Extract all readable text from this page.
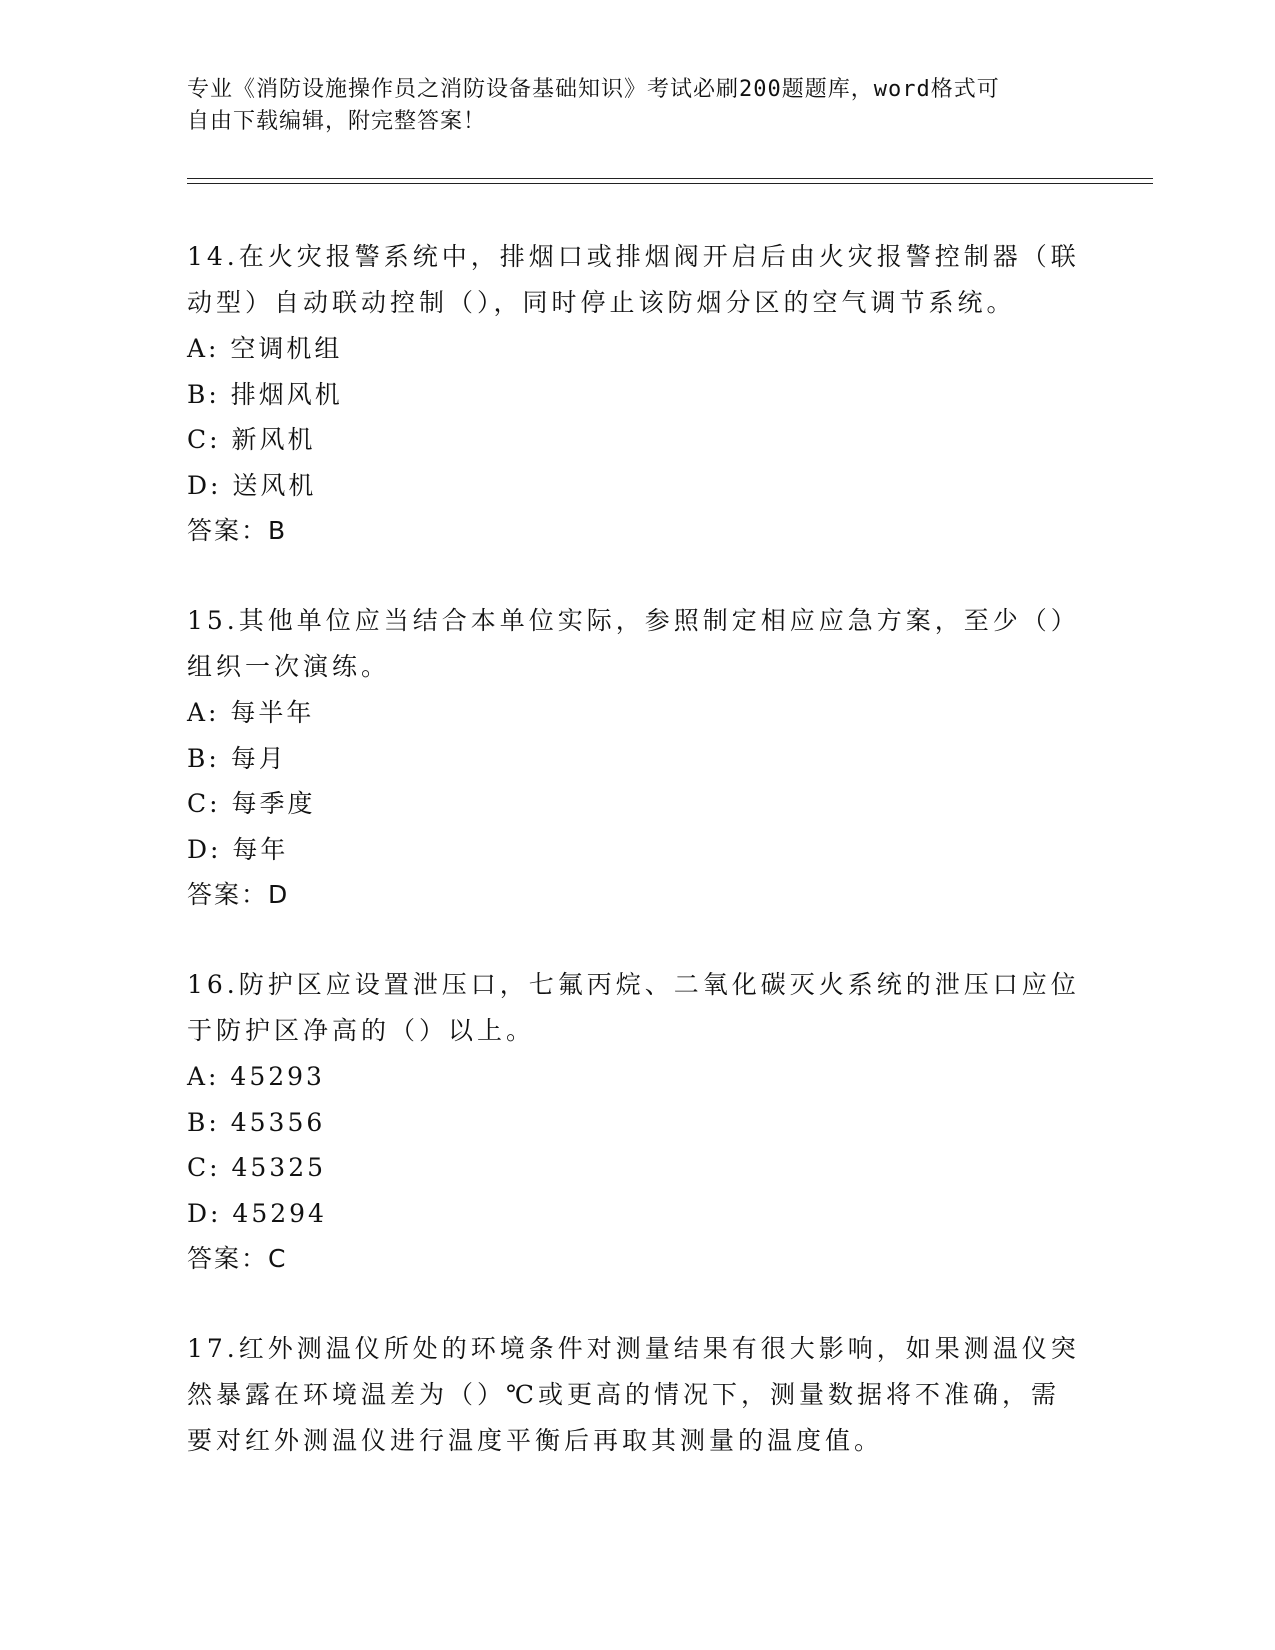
专业《消防设施操作员之消防设备基础知识》考试必刷200题题库，word格式可
自由下载编辑，附完整答案！

14.在火灾报警系统中，排烟口或排烟阀开启后由火灾报警控制器（联动型）自动联动控制（），同时停止该防烟分区的空气调节系统。

A: 空调机组

B: 排烟风机

C: 新风机

D: 送风机

答案：B

15.其他单位应当结合本单位实际，参照制定相应应急方案，至少（）组织一次演练。

A: 每半年

B: 每月

C: 每季度

D: 每年

答案：D

16.防护区应设置泄压口，七氟丙烷、二氧化碳灭火系统的泄压口应位于防护区净高的（）以上。

A: 45293

B: 45356

C: 45325

D: 45294

答案：C

17.红外测温仪所处的环境条件对测量结果有很大影响，如果测温仪突然暴露在环境温差为（）℃或更高的情况下，测量数据将不准确，需要对红外测温仪进行温度平衡后再取其测量的温度值。
